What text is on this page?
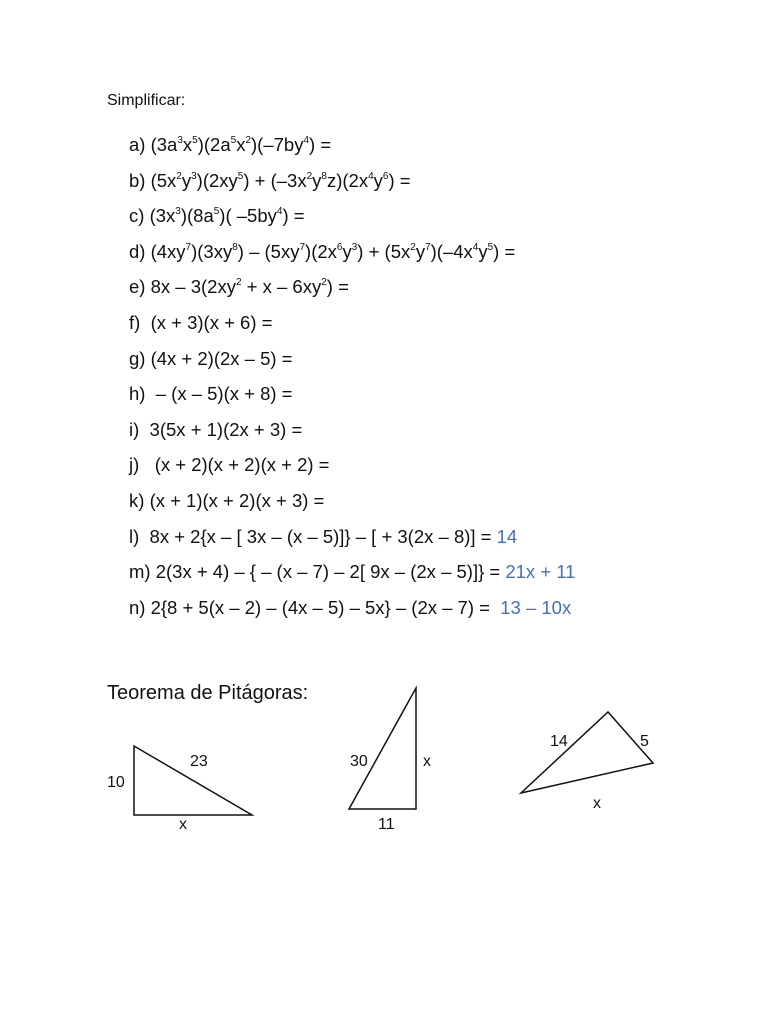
Simplificar:
a) $(3a^3x^5)(2a^5x^2)(-7by^4)$ =
b) $(5x^2y^3)(2xy^5) + (-3x^2y^8z)(2x^4y^6)$ =
c) $(3x^3)(8a^5)$( $-5by^4$) =
d) $(4xy^7)(3xy^8) - (5xy^7)(2x^6y^3) + (5x^2y^7)(-4x^4y^5)$ =
e) $8x - 3(2xy^2 + x - 6xy^2)$ =
f)  (x + 3)(x + 6) =
g) (4x + 2)(2x – 5) =
h)  – (x – 5)(x + 8) =
i)  3(5x + 1)(2x + 3) =
j)   (x + 2)(x + 2)(x + 2) =
k) (x + 1)(x + 2)(x + 3) =
l)  8x + 2{x – [ 3x – (x – 5)]} – [ + 3(2x – 8)] = 14
m) 2(3x + 4) – { – (x – 7) – 2[ 9x – (2x – 5)]} = 21x + 11
n) 2{8 + 5(x – 2) – (4x – 5) – 5x} – (2x – 7) =  13 – 10x
Teorema de Pitágoras:
10
23
x
30	x
11
14	5
x
